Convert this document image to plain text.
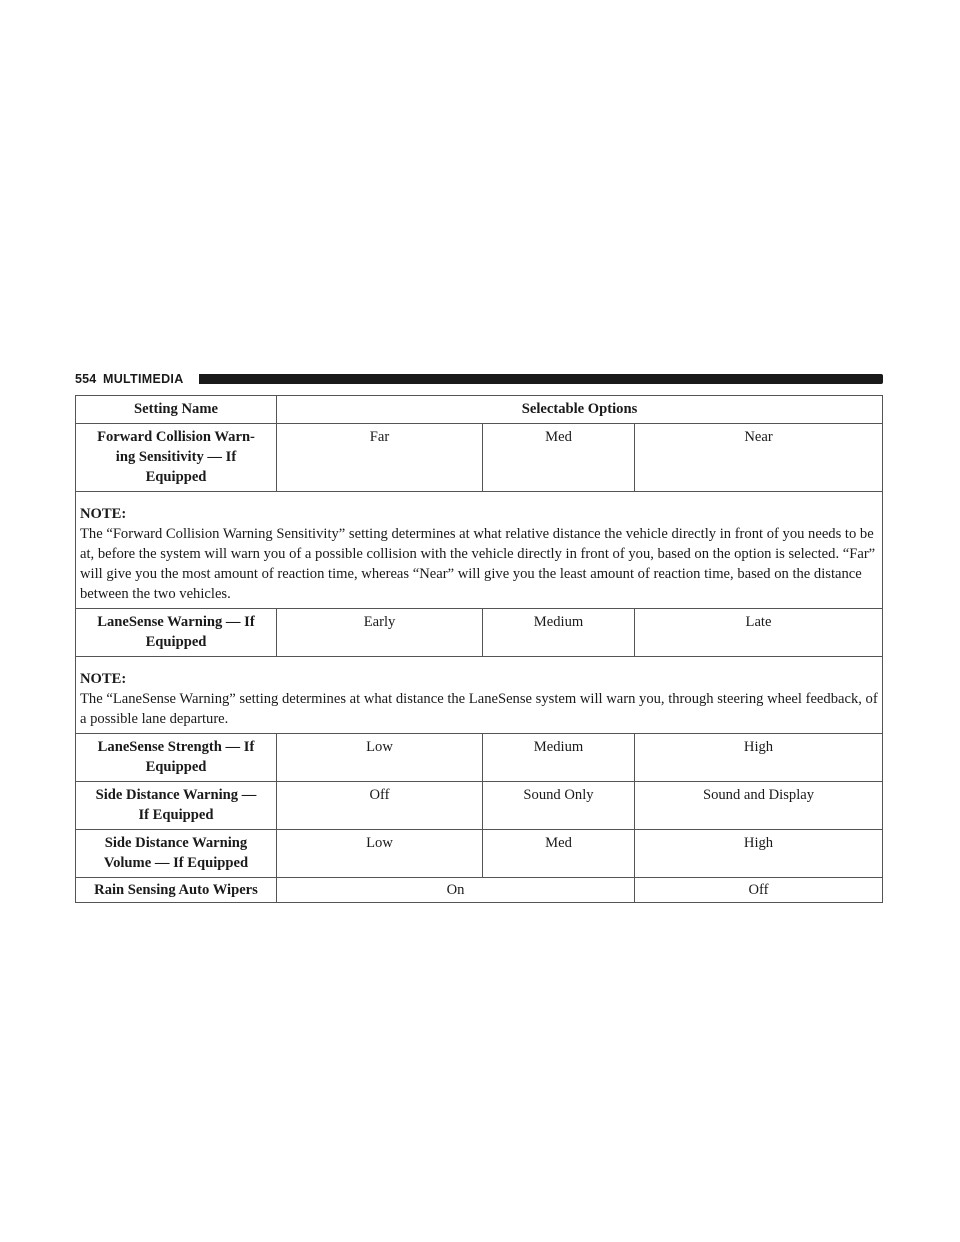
554 MULTIMEDIA
Setting Name	Selectable Options		
Forward Collision Warn-
ing Sensitivity — If
Equipped	Far	Med	Near

NOTE:
The “Forward Collision Warning Sensitivity” setting determines at what relative distance the vehicle directly in front of you needs to be at, before the system will warn you of a possible collision with the vehicle directly in front of you, based on the option is selected. “Far” will give you the most amount of reaction time, whereas “Near” will give you the least amount of reaction time, based on the distance between the two vehicles.			

LaneSense Warning — If
Equipped	Early	Medium	Late

NOTE:
The “LaneSense Warning” setting determines at what distance the LaneSense system will warn you, through steering wheel feedback, of a possible lane departure.			

LaneSense Strength — If
Equipped	Low	Medium	High
Side Distance Warning —
If Equipped	Off	Sound Only	Sound and Display
Side Distance Warning
Volume — If Equipped	Low	Med	High
Rain Sensing Auto Wipers	On		Off
